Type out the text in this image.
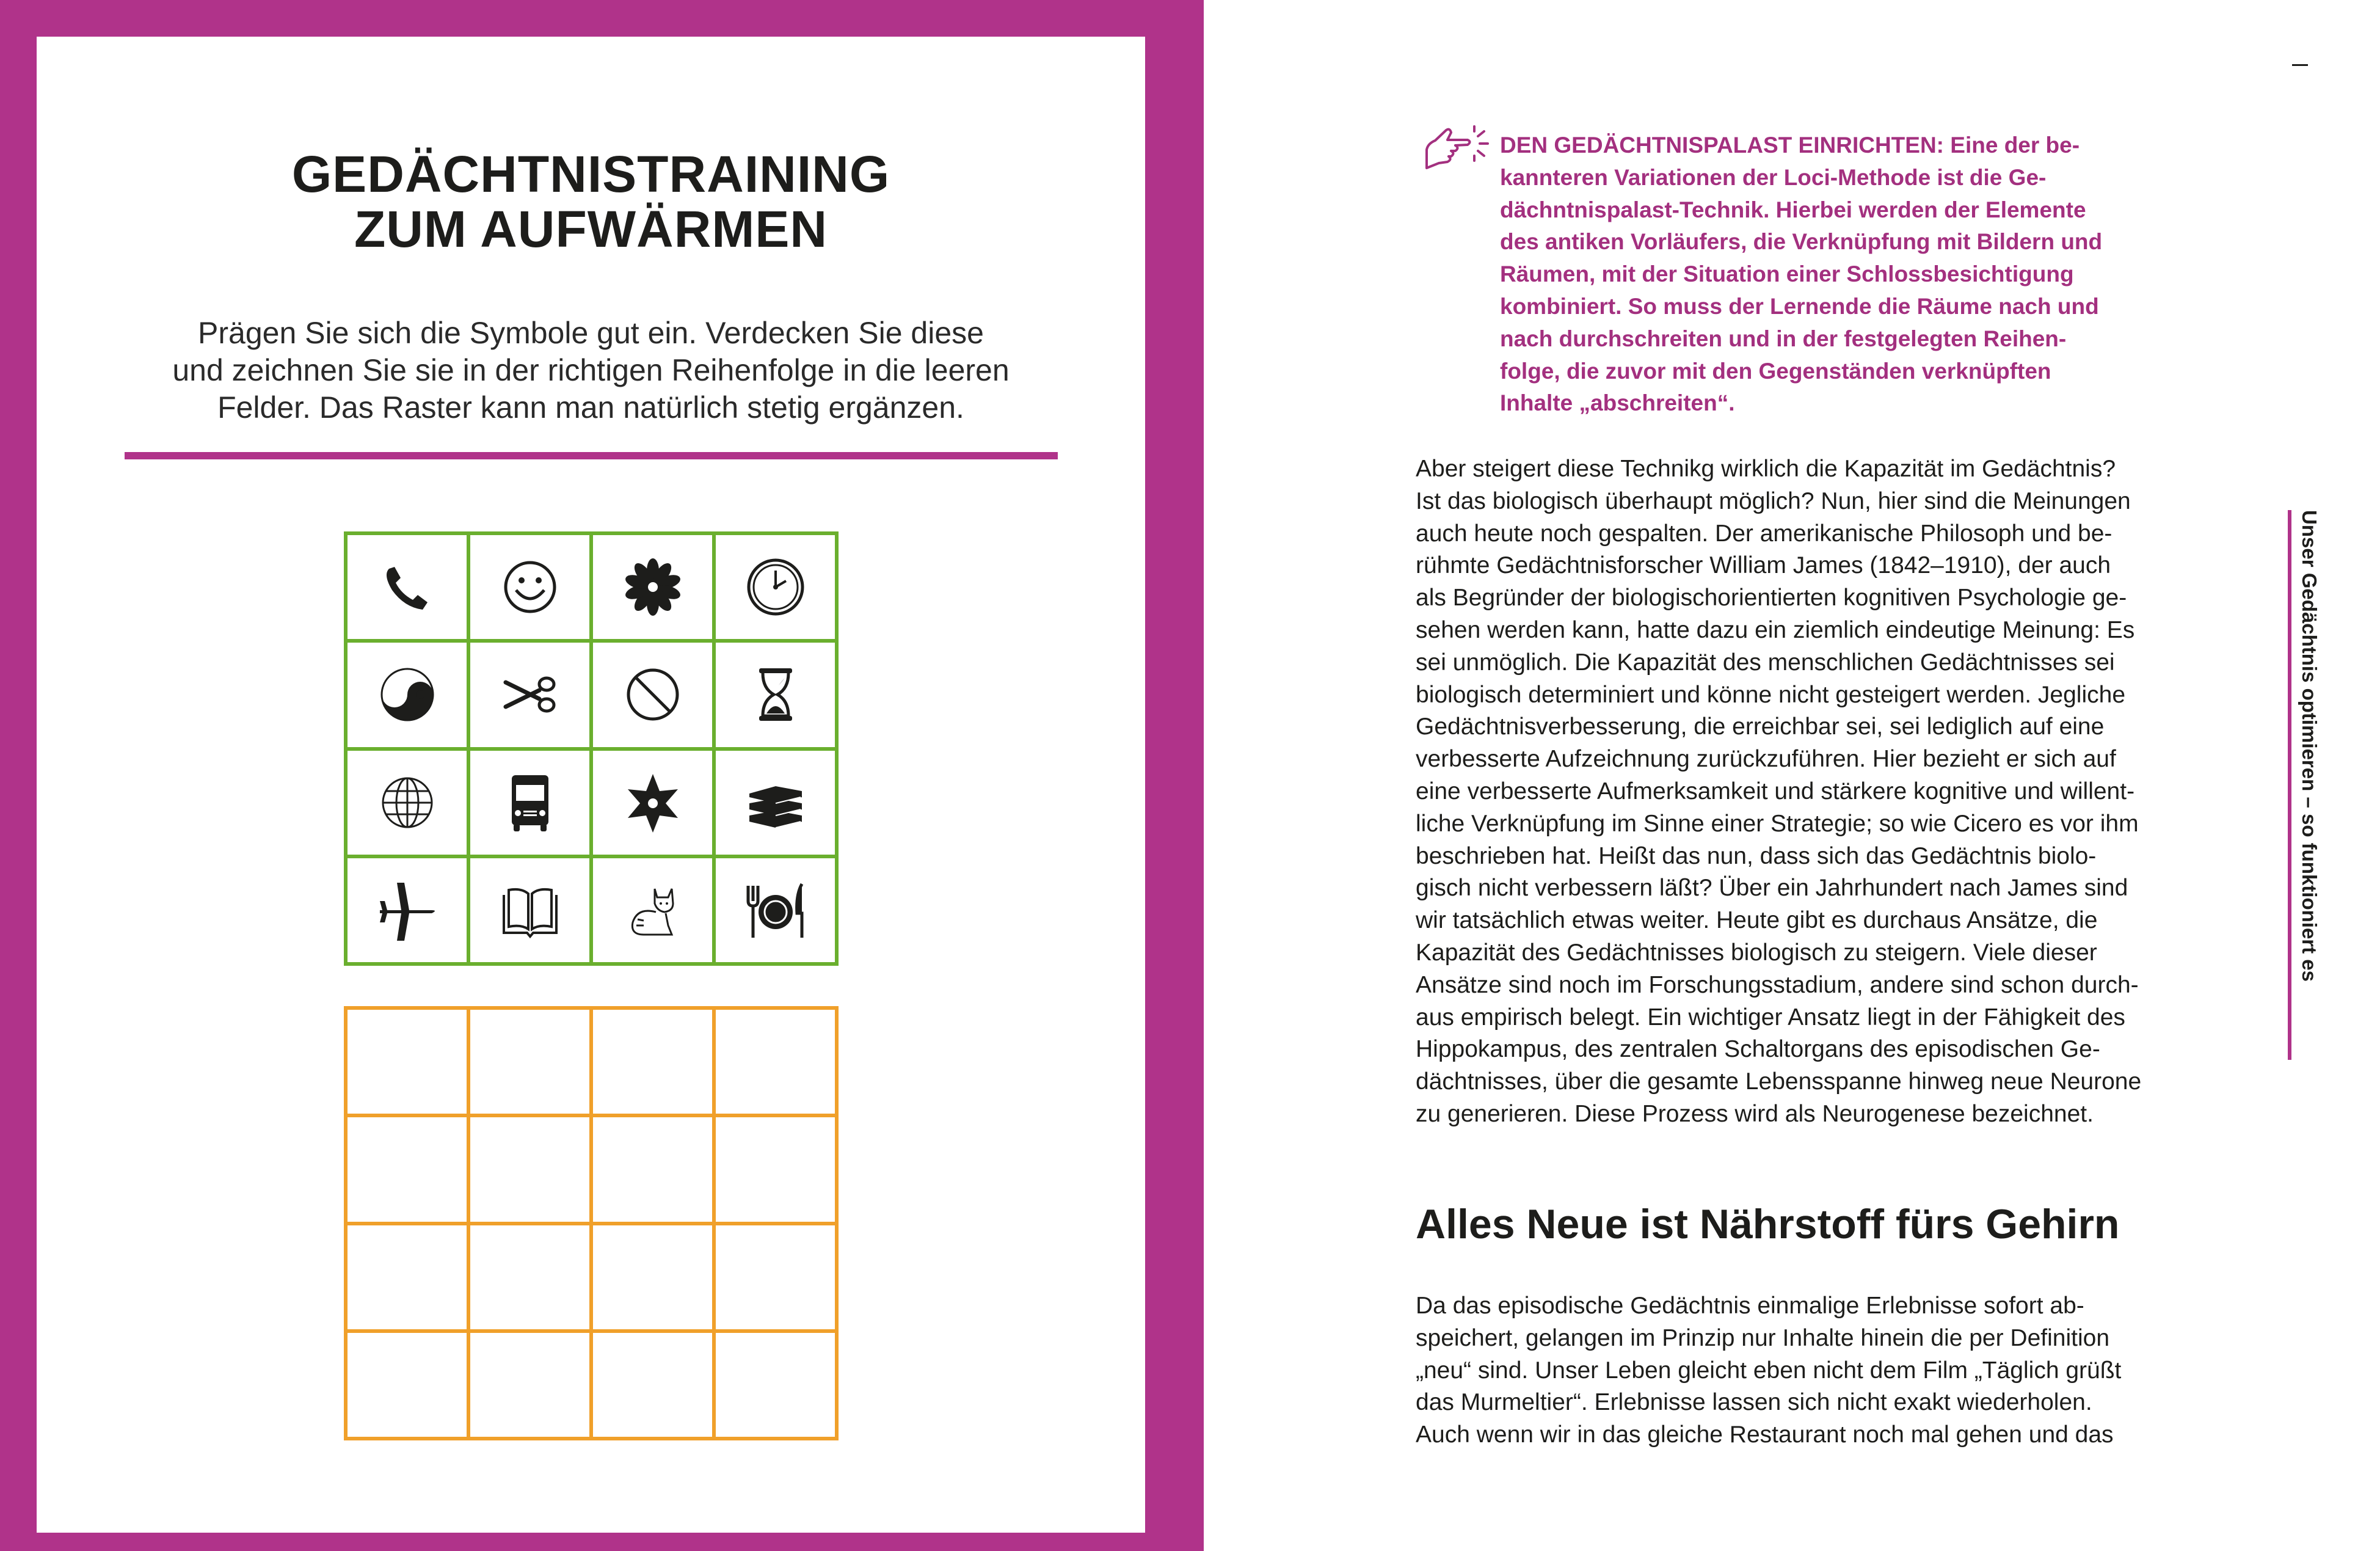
GEDÄCHTNISTRAINING
ZUM AUFWÄRMEN
Prägen Sie sich die Symbole gut ein. Verdecken Sie diese
und zeichnen Sie sie in der richtigen Reihenfolge in die leeren
Felder. Das Raster kann man natürlich stetig ergänzen.
DEN GEDÄCHTNISPALAST EINRICHTEN: Eine der be-
kannteren Variationen der Loci-Methode ist die Ge-
dächntnispalast-Technik. Hierbei werden der Elemente
des antiken Vorläufers, die Verknüpfung mit Bildern und
Räumen, mit der Situation einer Schlossbesichtigung
kombiniert. So muss der Lernende die Räume nach und
nach durchschreiten und in der festgelegten Reihen-
folge, die zuvor mit den Gegenständen verknüpften
Inhalte „abschreiten“.
Aber steigert diese Technikg wirklich die Kapazität im Gedächtnis?
Ist das biologisch überhaupt möglich? Nun, hier sind die Meinungen
auch heute noch gespalten. Der amerikanische Philosoph und be-
rühmte Gedächtnisforscher William James (1842–1910), der auch
als Begründer der biologischorientierten kognitiven Psychologie ge-
sehen werden kann, hatte dazu ein ziemlich eindeutige Meinung: Es
sei unmöglich. Die Kapazität des menschlichen Gedächtnisses sei
biologisch determiniert und könne nicht gesteigert werden. Jegliche
Gedächtnisverbesserung, die erreichbar sei, sei lediglich auf eine
verbesserte Aufzeichnung zurückzuführen. Hier bezieht er sich auf
eine verbesserte Aufmerksamkeit und stärkere kognitive und willent-
liche Verknüpfung im Sinne einer Strategie; so wie Cicero es vor ihm
beschrieben hat. Heißt das nun, dass sich das Gedächtnis biolo-
gisch nicht verbessern läßt? Über ein Jahrhundert nach James sind
wir tatsächlich etwas weiter. Heute gibt es durchaus Ansätze, die
Kapazität des Gedächtnisses biologisch zu steigern. Viele dieser
Ansätze sind noch im Forschungsstadium, andere sind schon durch-
aus empirisch belegt. Ein wichtiger Ansatz liegt in der Fähigkeit des
Hippokampus, des zentralen Schaltorgans des episodischen Ge-
dächtnisses, über die gesamte Lebensspanne hinweg neue Neurone
zu generieren. Diese Prozess wird als Neurogenese bezeichnet.
Alles Neue ist Nährstoff fürs Gehirn
Da das episodische Gedächtnis einmalige Erlebnisse sofort ab-
speichert, gelangen im Prinzip nur Inhalte hinein die per Definition
„neu“ sind. Unser Leben gleicht eben nicht dem Film „Täglich grüßt
das Murmeltier“. Erlebnisse lassen sich nicht exakt wiederholen.
Auch wenn wir in das gleiche Restaurant noch mal gehen und das
Unser Gedächtnis optimieren – so funktioniert es
